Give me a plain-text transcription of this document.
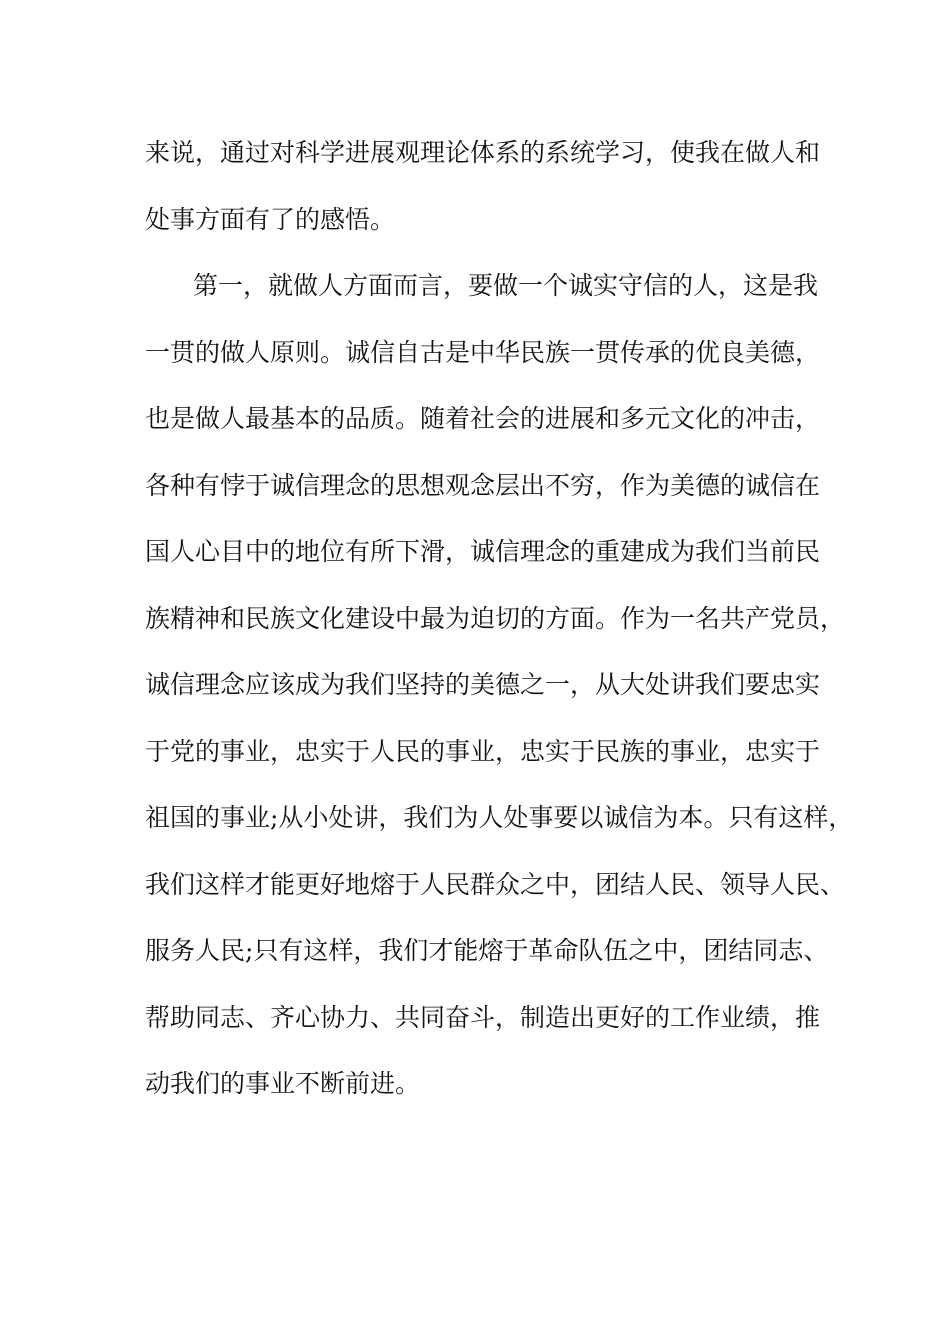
来说，通过对科学进展观理论体系的系统学习，使我在做人和
处事方面有了的感悟。
第一，就做人方面而言，要做一个诚实守信的人，这是我
一贯的做人原则。诚信自古是中华民族一贯传承的优良美德，
也是做人最基本的品质。随着社会的进展和多元文化的冲击，
各种有悖于诚信理念的思想观念层出不穷，作为美德的诚信在
国人心目中的地位有所下滑，诚信理念的重建成为我们当前民
族精神和民族文化建设中最为迫切的方面。作为一名共产党员，
诚信理念应该成为我们坚持的美德之一，从大处讲我们要忠实
于党的事业，忠实于人民的事业，忠实于民族的事业，忠实于
祖国的事业;从小处讲，我们为人处事要以诚信为本。只有这样，
我们这样才能更好地熔于人民群众之中，团结人民、领导人民、
服务人民;只有这样，我们才能熔于革命队伍之中，团结同志、
帮助同志、齐心协力、共同奋斗，制造出更好的工作业绩，推
动我们的事业不断前进。
